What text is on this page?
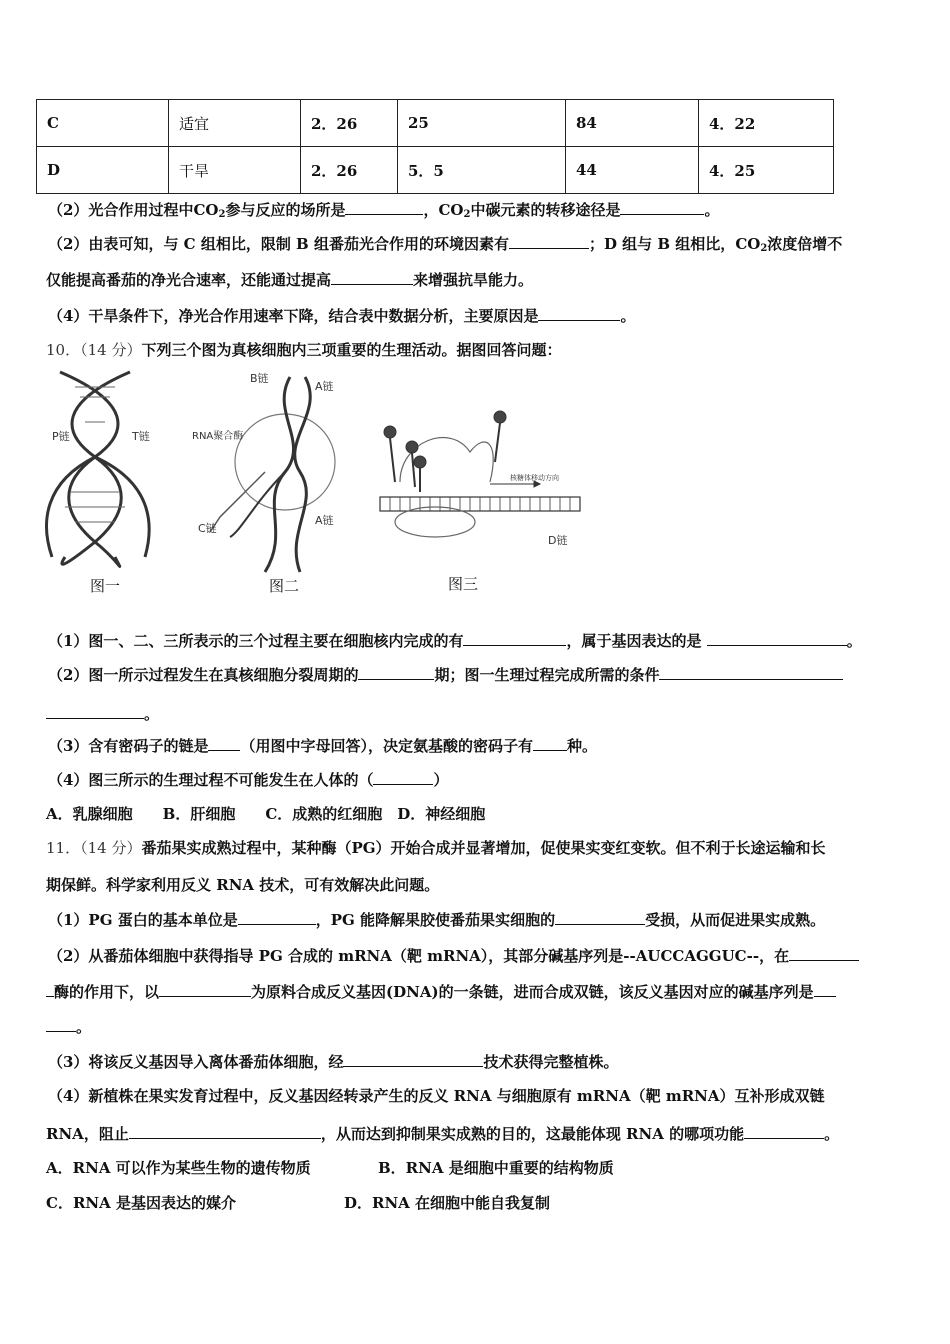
C	适宜	2．26	25	84	4．22
D	干旱	2．26	5．5	44	4．25
（2）光合作用过程中$CO_2$参与反应的场所是	，$CO_2$中碳元素的转移途径是	。
（2）由表可知，与 C 组相比，限制 B 组番茄光合作用的环境因素有	；D 组与 B 组相比，$CO_2$浓度倍增不
仅能提高番茄的净光合速率，还能通过提高	来增强抗旱能力。
（4）干旱条件下，净光合作用速率下降，结合表中数据分析，主要原因是	。
10．（14 分）下列三个图为真核细胞内三项重要的生理活动。据图回答问题：
P链	T链
B链
A链
RNA聚合酶
A链
C链
核糖体移动方向
D链
图一	图二	图三
（1）图一、二、三所表示的三个过程主要在细胞核内完成的有	，属于基因表达的是	。
（2）图一所示过程发生在真核细胞分裂周期的	期；图一生理过程完成所需的条件
。
（3）含有密码子的链是 （用图中字母回答），决定氨基酸的密码子有 种。
（4）图三所示的生理过程不可能发生在人体的（	）
A．乳腺细胞　　B．肝细胞　　C．成熟的红细胞　D．神经细胞
11．（14 分）番茄果实成熟过程中，某种酶（PG）开始合成并显著增加，促使果实变红变软。但不利于长途运输和长
期保鲜。科学家利用反义 RNA 技术，可有效解决此问题。
（1）PG 蛋白的基本单位是	，PG 能降解果胶使番茄果实细胞的	受损，从而促进果实成熟。
（2）从番茄体细胞中获得指导 PG 合成的 mRNA（靶 mRNA），其部分碱基序列是--AUCCAGGUC--，在
酶的作用下，以	为原料合成反义基因(DNA)的一条链，进而合成双链，该反义基因对应的碱基序列是
。
（3）将该反义基因导入离体番茄体细胞，经	技术获得完整植株。
（4）新植株在果实发育过程中，反义基因经转录产生的反义 RNA 与细胞原有 mRNA（靶 mRNA）互补形成双链
RNA，阻止	，从而达到抑制果实成熟的目的，这最能体现 RNA 的哪项功能	。
A．RNA 可以作为某些生物的遗传物质	B．RNA 是细胞中重要的结构物质
C．RNA 是基因表达的媒介	D．RNA 在细胞中能自我复制
